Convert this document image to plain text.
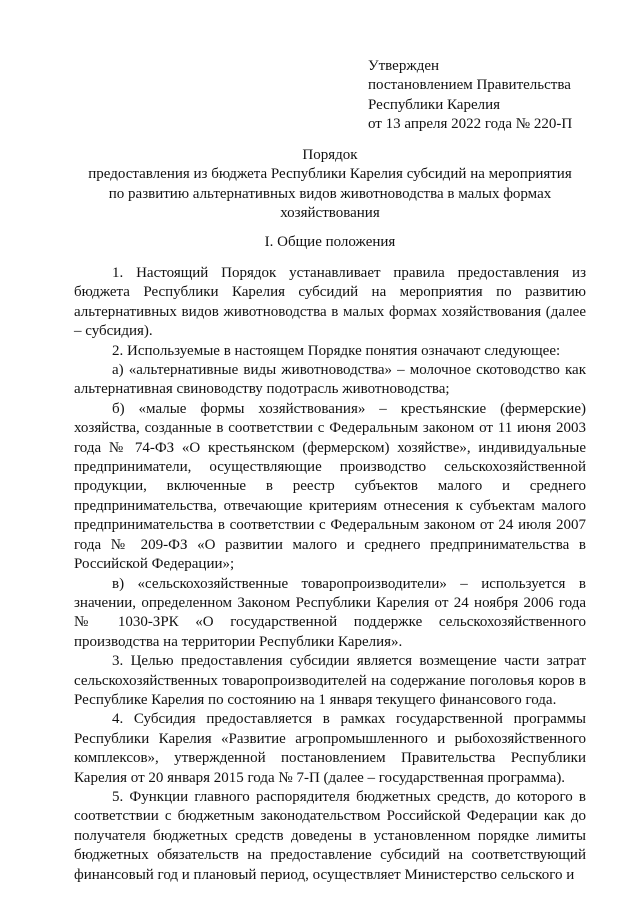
Утвержден
постановлением Правительства
Республики Карелия
от 13 апреля 2022 года № 220-П
Порядок
предоставления из бюджета Республики Карелия субсидий на мероприятия
по развитию альтернативных видов животноводства в малых формах
хозяйствования
I. Общие положения

1. Настоящий Порядок устанавливает правила предоставления из бюджета Республики Карелия субсидий на мероприятия по развитию альтернативных видов животноводства в малых формах хозяйствования (далее – субсидия).

2. Используемые в настоящем Порядке понятия означают следующее:

а) «альтернативные виды животноводства» – молочное скотоводство как альтернативная свиноводству подотрасль животноводства;

б) «малые формы хозяйствования» – крестьянские (фермерские) хозяйства, созданные в соответствии с Федеральным законом от 11 июня 2003 года № 74-ФЗ «О крестьянском (фермерском) хозяйстве», индивидуальные предприниматели, осуществляющие производство сельскохозяйственной продукции, включенные в реестр субъектов малого и среднего предпринимательства, отвечающие критериям отнесения к субъектам малого предпринимательства в соответствии с Федеральным законом от 24 июля 2007 года № 209-ФЗ «О развитии малого и среднего предпринимательства в Российской Федерации»;

в) «сельскохозяйственные товаропроизводители» – используется в значении, определенном Законом Республики Карелия от 24 ноября 2006 года № 1030-ЗРК «О государственной поддержке сельскохозяйственного производства на территории Республики Карелия».

3. Целью предоставления субсидии является возмещение части затрат сельскохозяйственных товаропроизводителей на содержание поголовья коров в Республике Карелия по состоянию на 1 января текущего финансового года.

4. Субсидия предоставляется в рамках государственной программы Республики Карелия «Развитие агропромышленного и рыбохозяйственного комплексов», утвержденной постановлением Правительства Республики Карелия от 20 января 2015 года № 7-П (далее – государственная программа).

5. Функции главного распорядителя бюджетных средств, до которого в соответствии с бюджетным законодательством Российской Федерации как до получателя бюджетных средств доведены в установленном порядке лимиты бюджетных обязательств на предоставление субсидий на соответствующий финансовый год и плановый период, осуществляет Министерство сельского и
